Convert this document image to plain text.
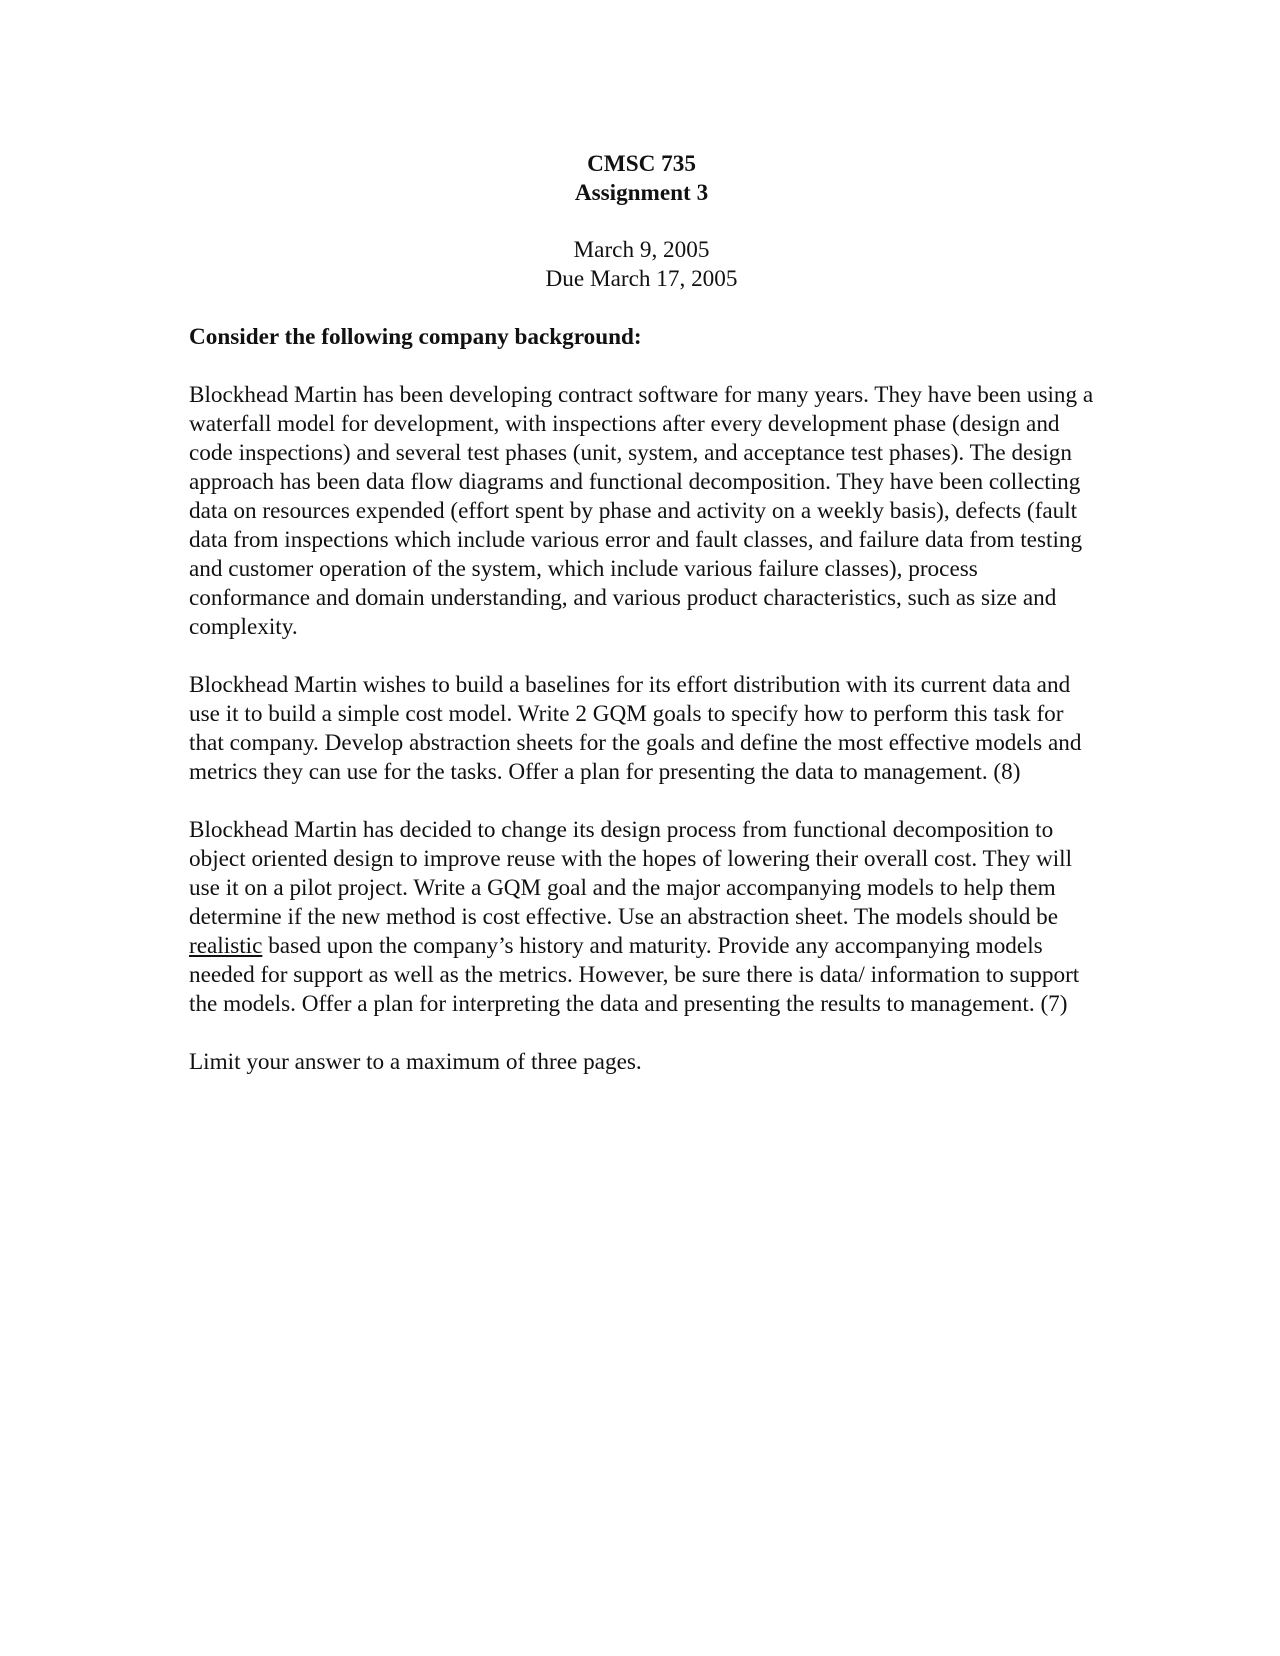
CMSC 735
Assignment 3
March 9, 2005
Due March 17, 2005
Consider the following company background:
Blockhead Martin has been developing contract software for many years. They have been using a waterfall model for development, with inspections after every development phase (design and code inspections) and several test phases (unit, system, and acceptance test phases). The design approach has been data flow diagrams and functional decomposition. They have been collecting data on resources expended (effort spent by phase and activity on a weekly basis), defects (fault data from inspections which include various error and fault classes, and failure data from testing and customer operation of the system, which include various failure classes), process conformance and domain understanding, and various product characteristics, such as size and complexity.
Blockhead Martin wishes to build a baselines for its effort distribution with its current data and use it to build a simple cost model. Write 2 GQM goals to specify how to perform this task for that company. Develop abstraction sheets for the goals and define the most effective models and metrics they can use for the tasks. Offer a plan for presenting the data to management. (8)
Blockhead Martin has decided to change its design process from functional decomposition to object oriented design to improve reuse with the hopes of lowering their overall cost. They will use it on a pilot project. Write a GQM goal and the major accompanying models to help them determine if the new method is cost effective. Use an abstraction sheet. The models should be realistic based upon the company’s history and maturity. Provide any accompanying models needed for support as well as the metrics. However, be sure there is data/ information to support the models. Offer a plan for interpreting the data and presenting the results to management. (7)
Limit your answer to a maximum of three pages.
